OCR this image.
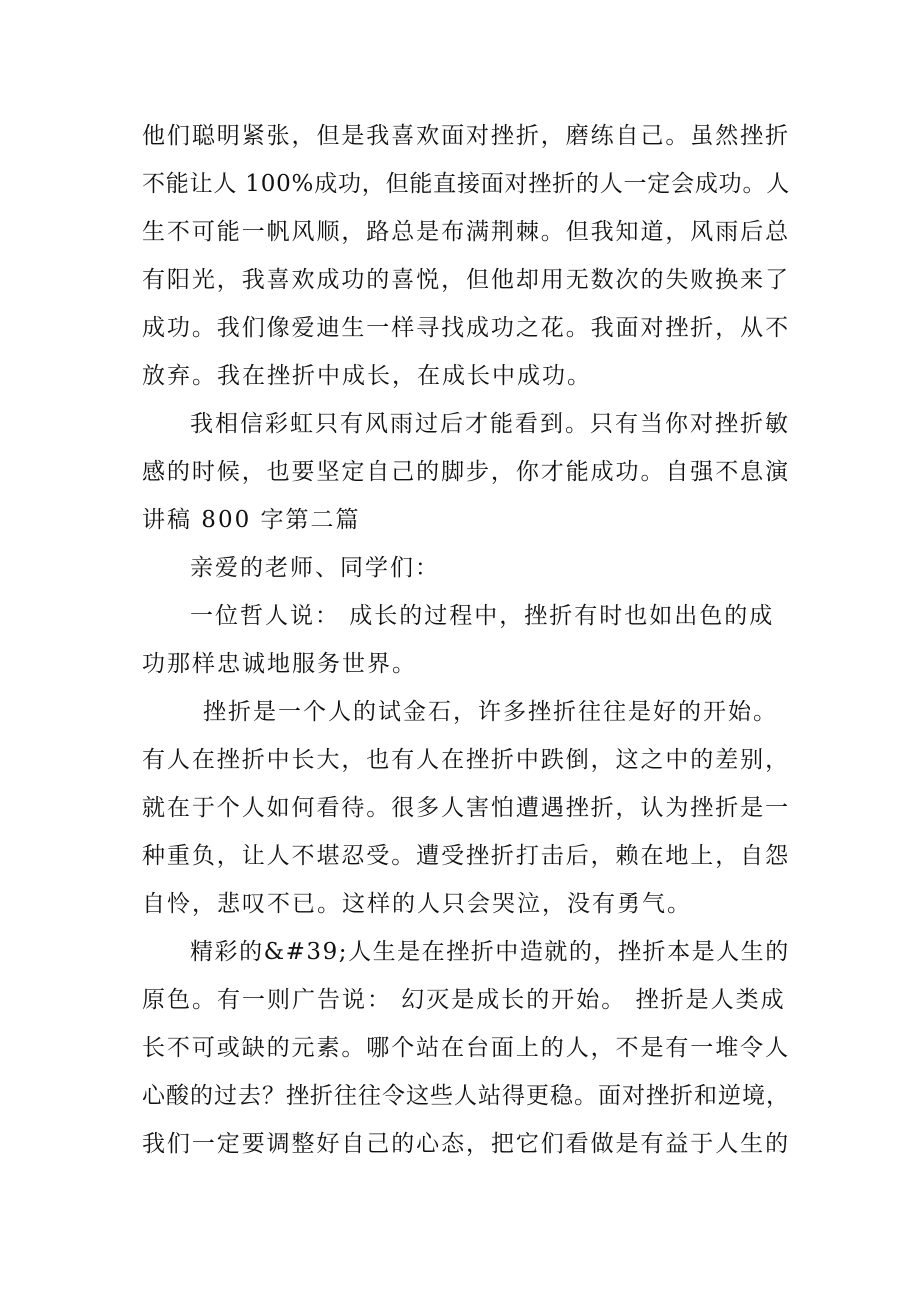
他们聪明紧张，但是我喜欢面对挫折，磨练自己。虽然挫折
不能让人 100%成功，但能直接面对挫折的人一定会成功。人
生不可能一帆风顺，路总是布满荆棘。但我知道，风雨后总
有阳光，我喜欢成功的喜悦，但他却用无数次的失败换来了
成功。我们像爱迪生一样寻找成功之花。我面对挫折，从不
放弃。我在挫折中成长，在成长中成功。
我相信彩虹只有风雨过后才能看到。只有当你对挫折敏
感的时候，也要坚定自己的脚步，你才能成功。自强不息演
讲稿 800 字第二篇
亲爱的老师、同学们：
一位哲人说： 成长的过程中，挫折有时也如出色的成
功那样忠诚地服务世界。
挫折是一个人的试金石，许多挫折往往是好的开始。
有人在挫折中长大，也有人在挫折中跌倒，这之中的差别，
就在于个人如何看待。很多人害怕遭遇挫折，认为挫折是一
种重负，让人不堪忍受。遭受挫折打击后，赖在地上，自怨
自怜，悲叹不已。这样的人只会哭泣，没有勇气。
精彩的&#39;人生是在挫折中造就的，挫折本是人生的
原色。有一则广告说： 幻灭是成长的开始。 挫折是人类成
长不可或缺的元素。哪个站在台面上的人，不是有一堆令人
心酸的过去？挫折往往令这些人站得更稳。面对挫折和逆境，
我们一定要调整好自己的心态，把它们看做是有益于人生的
